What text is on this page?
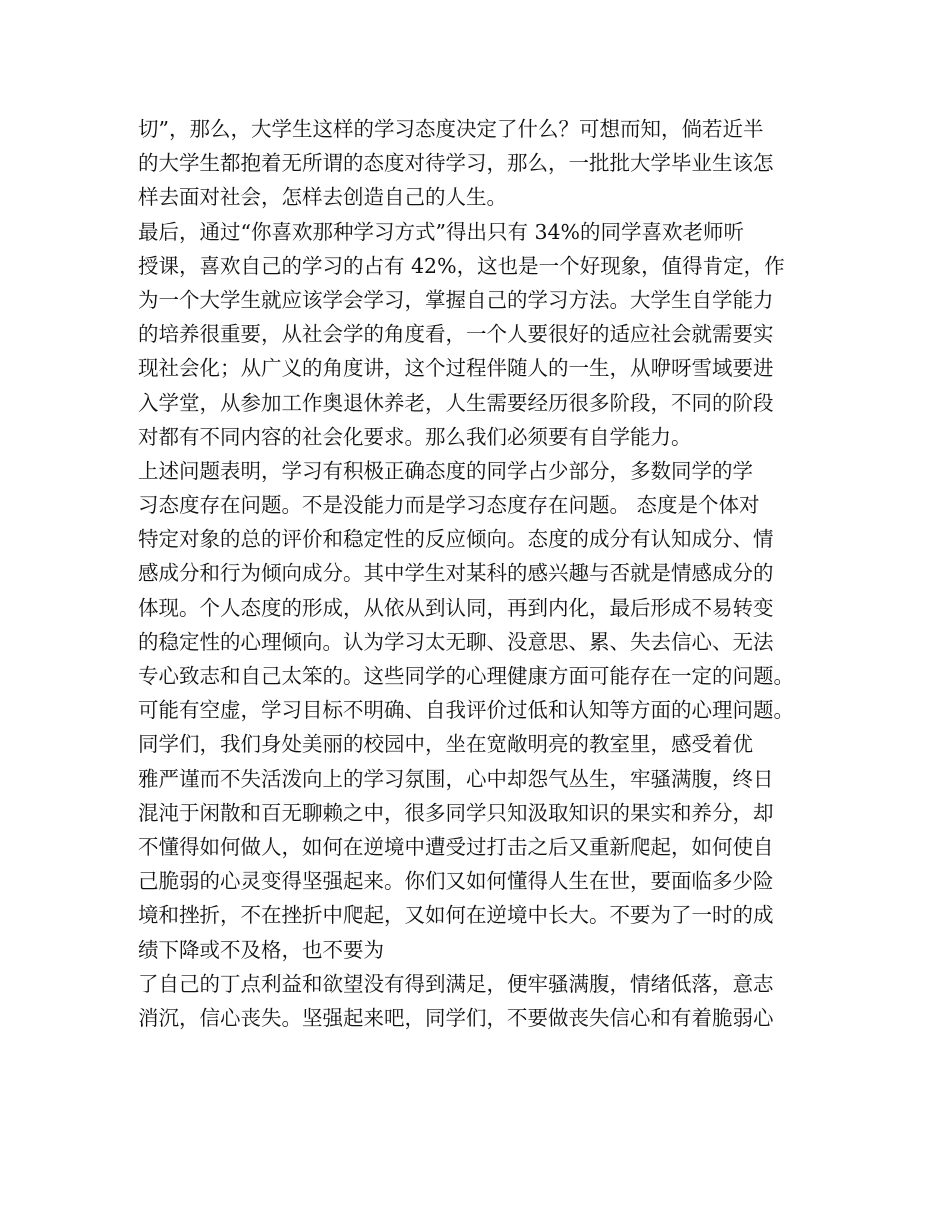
切”，那么，大学生这样的学习态度决定了什么？可想而知，倘若近半
的大学生都抱着无所谓的态度对待学习，那么，一批批大学毕业生该怎
样去面对社会，怎样去创造自己的人生。
最后，通过“你喜欢那种学习方式”得出只有 34%的同学喜欢老师听
授课，喜欢自己的学习的占有 42%，这也是一个好现象，值得肯定，作
为一个大学生就应该学会学习，掌握自己的学习方法。大学生自学能力
的培养很重要，从社会学的角度看，一个人要很好的适应社会就需要实
现社会化；从广义的角度讲，这个过程伴随人的一生，从咿呀雪域要进
入学堂，从参加工作奥退休养老，人生需要经历很多阶段，不同的阶段
对都有不同内容的社会化要求。那么我们必须要有自学能力。
上述问题表明，学习有积极正确态度的同学占少部分，多数同学的学
习态度存在问题。不是没能力而是学习态度存在问题。 态度是个体对
特定对象的总的评价和稳定性的反应倾向。态度的成分有认知成分、情
感成分和行为倾向成分。其中学生对某科的感兴趣与否就是情感成分的
体现。个人态度的形成，从依从到认同，再到内化，最后形成不易转变
的稳定性的心理倾向。认为学习太无聊、没意思、累、失去信心、无法
专心致志和自己太笨的。这些同学的心理健康方面可能存在一定的问题。
可能有空虚，学习目标不明确、自我评价过低和认知等方面的心理问题。
同学们，我们身处美丽的校园中，坐在宽敞明亮的教室里，感受着优
雅严谨而不失活泼向上的学习氛围，心中却怨气丛生，牢骚满腹，终日
混沌于闲散和百无聊赖之中，很多同学只知汲取知识的果实和养分，却
不懂得如何做人，如何在逆境中遭受过打击之后又重新爬起，如何使自
己脆弱的心灵变得坚强起来。你们又如何懂得人生在世，要面临多少险
境和挫折，不在挫折中爬起，又如何在逆境中长大。不要为了一时的成
绩下降或不及格，也不要为
了自己的丁点利益和欲望没有得到满足，便牢骚满腹，情绪低落，意志
消沉，信心丧失。坚强起来吧，同学们，不要做丧失信心和有着脆弱心
